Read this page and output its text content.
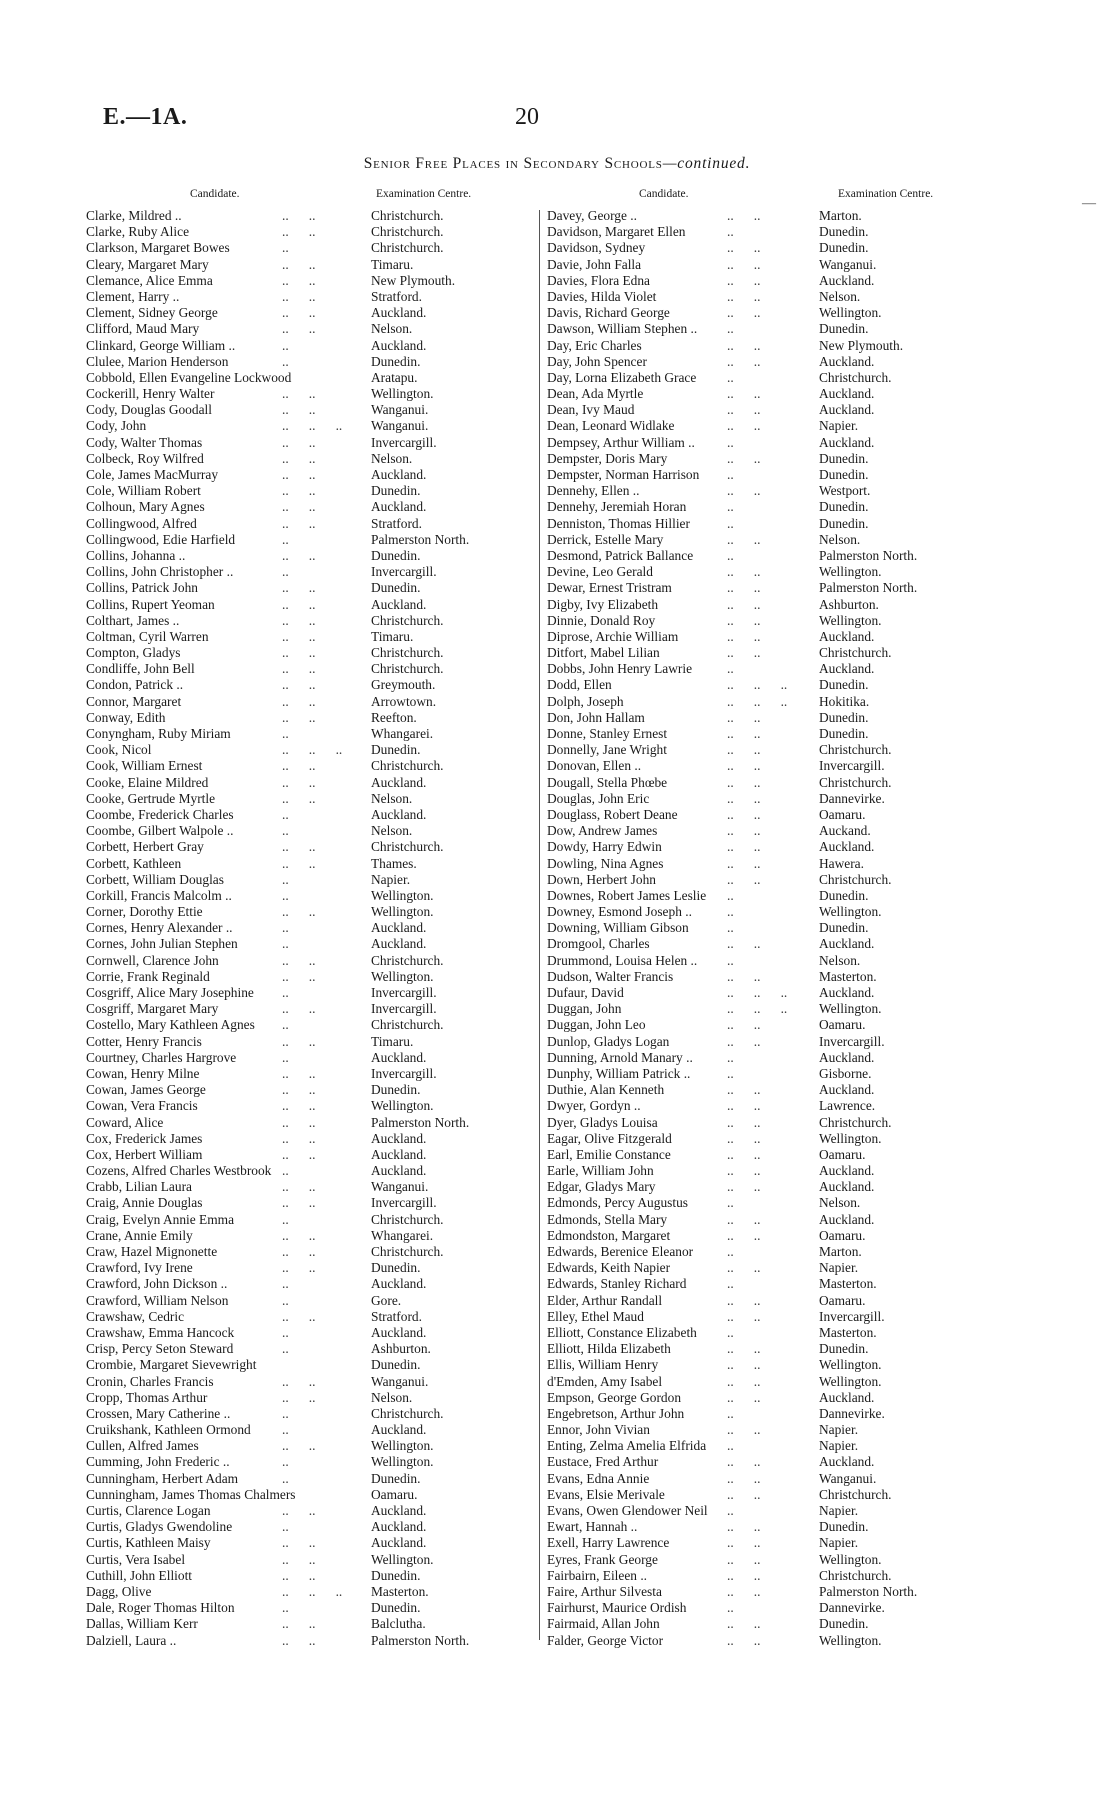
E.—1A.	20
Senior Free Places in Secondary Schools—continued.
Candidate.	Examination Centre.	Candidate.	Examination Centre.
Clarke, Mildred ..	..      ..	Christchurch.
Clarke, Ruby Alice	..      ..	Christchurch.
Clarkson, Margaret Bowes	..	Christchurch.
Cleary, Margaret Mary	..      ..	Timaru.
Clemance, Alice Emma	..      ..	New Plymouth.
Clement, Harry ..	..      ..	Stratford.
Clement, Sidney George	..      ..	Auckland.
Clifford, Maud Mary	..      ..	Nelson.
Clinkard, George William ..	..	Auckland.
Clulee, Marion Henderson	..	Dunedin.
Cobbold, Ellen Evangeline Lockwood	Aratapu.
Cockerill, Henry Walter	..      ..	Wellington.
Cody, Douglas Goodall	..      ..	Wanganui.
Cody, John	..      ..      .. Wanganui.
Cody, Walter Thomas	..      ..	Invercargill.
Colbeck, Roy Wilfred	..      ..	Nelson.
Cole, James MacMurray	..      ..	Auckland.
Cole, William Robert	..      ..	Dunedin.
Colhoun, Mary Agnes	..      ..	Auckland.
Collingwood, Alfred	..      ..	Stratford.
Collingwood, Edie Harfield	..	Palmerston North.
Collins, Johanna ..	..      ..	Dunedin.
Collins, John Christopher ..	..	Invercargill.
Collins, Patrick John	..      ..	Dunedin.
Collins, Rupert Yeoman	..      ..	Auckland.
Colthart, James ..	..      ..	Christchurch.
Coltman, Cyril Warren	..      ..	Timaru.
Compton, Gladys	..      ..	Christchurch.
Condliffe, John Bell	..      ..	Christchurch.
Condon, Patrick ..	..      ..	Greymouth.
Connor, Margaret	..      ..	Arrowtown.
Conway, Edith	..      ..	Reefton.
Conyngham, Ruby Miriam	..	Whangarei.
Cook, Nicol	..      ..      .. Dunedin.
Cook, William Ernest	..      ..	Christchurch.
Cooke, Elaine Mildred	..      ..	Auckland.
Cooke, Gertrude Myrtle	..      ..	Nelson.
Coombe, Frederick Charles	..	Auckland.
Coombe, Gilbert Walpole ..	..	Nelson.
Corbett, Herbert Gray	..      ..	Christchurch.
Corbett, Kathleen	..      ..	Thames.
Corbett, William Douglas	..	Napier.
Corkill, Francis Malcolm ..	..	Wellington.
Corner, Dorothy Ettie	..      ..	Wellington.
Cornes, Henry Alexander ..	..	Auckland.
Cornes, John Julian Stephen	..	Auckland.
Cornwell, Clarence John	..      ..	Christchurch.
Corrie, Frank Reginald	..      ..	Wellington.
Cosgriff, Alice Mary Josephine ..	Invercargill.
Cosgriff, Margaret Mary	..      ..	Invercargill.
Costello, Mary Kathleen Agnes ..	Christchurch.
Cotter, Henry Francis	..      ..	Timaru.
Courtney, Charles Hargrove	..	Auckland.
Cowan, Henry Milne	..      ..	Invercargill.
Cowan, James George	..      ..	Dunedin.
Cowan, Vera Francis	..      ..	Wellington.
Coward, Alice	..      ..	Palmerston North.
Cox, Frederick James	..      ..	Auckland.
Cox, Herbert William	..      ..	Auckland.
Cozens, Alfred Charles Westbrook ..	Auckland.
Crabb, Lilian Laura	..      ..	Wanganui.
Craig, Annie Douglas	..      ..	Invercargill.
Craig, Evelyn Annie Emma	..	Christchurch.
Crane, Annie Emily	..      ..	Whangarei.
Craw, Hazel Mignonette	..      ..	Christchurch.
Crawford, Ivy Irene	..      ..	Dunedin.
Crawford, John Dickson ..	..	Auckland.
Crawford, William Nelson	..	Gore.
Crawshaw, Cedric	..      ..	Stratford.
Crawshaw, Emma Hancock	..	Auckland.
Crisp, Percy Seton Steward	..	Ashburton.
Crombie, Margaret Sievewright	Dunedin.
Cronin, Charles Francis	..      ..	Wanganui.
Cropp, Thomas Arthur	..      ..	Nelson.
Crossen, Mary Catherine ..	..	Christchurch.
Cruikshank, Kathleen Ormond ..	Auckland.
Cullen, Alfred James	..      ..	Wellington.
Cumming, John Frederic ..	..	Wellington.
Cunningham, Herbert Adam	..	Dunedin.
Cunningham, James Thomas Chalmers	Oamaru.
Curtis, Clarence Logan	..      ..	Auckland.
Curtis, Gladys Gwendoline	..	Auckland.
Curtis, Kathleen Maisy	..      ..	Auckland.
Curtis, Vera Isabel	..      ..	Wellington.
Cuthill, John Elliott	..      ..	Dunedin.
Dagg, Olive	..      ..      .. Masterton.
Dale, Roger Thomas Hilton	..	Dunedin.
Dallas, William Kerr	..      ..	Balclutha.
Dalziell, Laura ..	..      ..	Palmerston North.
Davey, George ..	..      ..	Marton.
Davidson, Margaret Ellen	..	Dunedin.
Davidson, Sydney	..      ..	Dunedin.
Davie, John Falla	..      ..	Wanganui.
Davies, Flora Edna	..      ..	Auckland.
Davies, Hilda Violet	..      ..	Nelson.
Davis, Richard George	..      ..	Wellington.
Dawson, William Stephen .. ..	Dunedin.
Day, Eric Charles	..      ..	New Plymouth.
Day, John Spencer	..      ..	Auckland.
Day, Lorna Elizabeth Grace ..	Christchurch.
Dean, Ada Myrtle	..      ..	Auckland.
Dean, Ivy Maud	..      ..	Auckland.
Dean, Leonard Widlake	..      ..	Napier.
Dempsey, Arthur William .. ..	Auckland.
Dempster, Doris Mary	..      ..	Dunedin.
Dempster, Norman Harrison ..	Dunedin.
Dennehy, Ellen ..	..      ..	Westport.
Dennehy, Jeremiah Horan	..	Dunedin.
Denniston, Thomas Hillier	..	Dunedin.
Derrick, Estelle Mary	..      ..	Nelson.
Desmond, Patrick Ballance	..	Palmerston North.
Devine, Leo Gerald	..      ..	Wellington.
Dewar, Ernest Tristram	..      ..	Palmerston North.
Digby, Ivy Elizabeth	..      ..	Ashburton.
Dinnie, Donald Roy	..      ..	Wellington.
Diprose, Archie William	..      ..	Auckland.
Ditfort, Mabel Lilian	..      ..	Christchurch.
Dobbs, John Henry Lawrie	..	Auckland.
Dodd, Ellen	..      ..      .. Dunedin.
Dolph, Joseph	..      ..      .. Hokitika.
Don, John Hallam	..      ..	Dunedin.
Donne, Stanley Ernest	..      ..	Dunedin.
Donnelly, Jane Wright	..      ..	Christchurch.
Donovan, Ellen ..	..      ..	Invercargill.
Dougall, Stella Phœbe	..      ..	Christchurch.
Douglas, John Eric	..      ..	Dannevirke.
Douglass, Robert Deane	..      ..	Oamaru.
Dow, Andrew James	..      ..	Auckand.
Dowdy, Harry Edwin	..      ..	Auckland.
Dowling, Nina Agnes	..      ..	Hawera.
Down, Herbert John	..      ..	Christchurch.
Downes, Robert James Leslie ..	Dunedin.
Downey, Esmond Joseph ..	..	Wellington.
Downing, William Gibson	..	Dunedin.
Dromgool, Charles	..      ..	Auckland.
Drummond, Louisa Helen .. ..	Nelson.
Dudson, Walter Francis	..      ..	Masterton.
Dufaur, David	..      ..      .. Auckland.
Duggan, John	..      ..      .. Wellington.
Duggan, John Leo	..      ..	Oamaru.
Dunlop, Gladys Logan	..      ..	Invercargill.
Dunning, Arnold Manary ..	..	Auckland.
Dunphy, William Patrick ..	..	Gisborne.
Duthie, Alan Kenneth	..      ..	Auckland.
Dwyer, Gordyn ..	..      ..	Lawrence.
Dyer, Gladys Louisa	..      ..	Christchurch.
Eagar, Olive Fitzgerald	..      ..	Wellington.
Earl, Emilie Constance	..      ..	Oamaru.
Earle, William John	..      ..	Auckland.
Edgar, Gladys Mary	..      ..	Auckland.
Edmonds, Percy Augustus	..	Nelson.
Edmonds, Stella Mary	..      ..	Auckland.
Edmondston, Margaret	..      ..	Oamaru.
Edwards, Berenice Eleanor	..	Marton.
Edwards, Keith Napier	..      ..	Napier.
Edwards, Stanley Richard	..	Masterton.
Elder, Arthur Randall	..      ..	Oamaru.
Elley, Ethel Maud	..      ..	Invercargill.
Elliott, Constance Elizabeth ..	Masterton.
Elliott, Hilda Elizabeth	..      ..	Dunedin.
Ellis, William Henry	..      ..	Wellington.
d'Emden, Amy Isabel	..      ..	Wellington.
Empson, George Gordon	..      ..	Auckland.
Engebretson, Arthur John	..	Dannevirke.
Ennor, John Vivian	..      ..	Napier.
Enting, Zelma Amelia Elfrida ..	Napier.
Eustace, Fred Arthur	..      ..	Auckland.
Evans, Edna Annie	..      ..	Wanganui.
Evans, Elsie Merivale	..      ..	Christchurch.
Evans, Owen Glendower Neil ..	Napier.
Ewart, Hannah ..	..      ..	Dunedin.
Exell, Harry Lawrence	..      ..	Napier.
Eyres, Frank George	..      ..	Wellington.
Fairbairn, Eileen ..	..      ..	Christchurch.
Faire, Arthur Silvesta	..      ..	Palmerston North.
Fairhurst, Maurice Ordish	..	Dannevirke.
Fairmaid, Allan John	..      ..	Dunedin.
Falder, George Victor	..      ..	Wellington.
—
